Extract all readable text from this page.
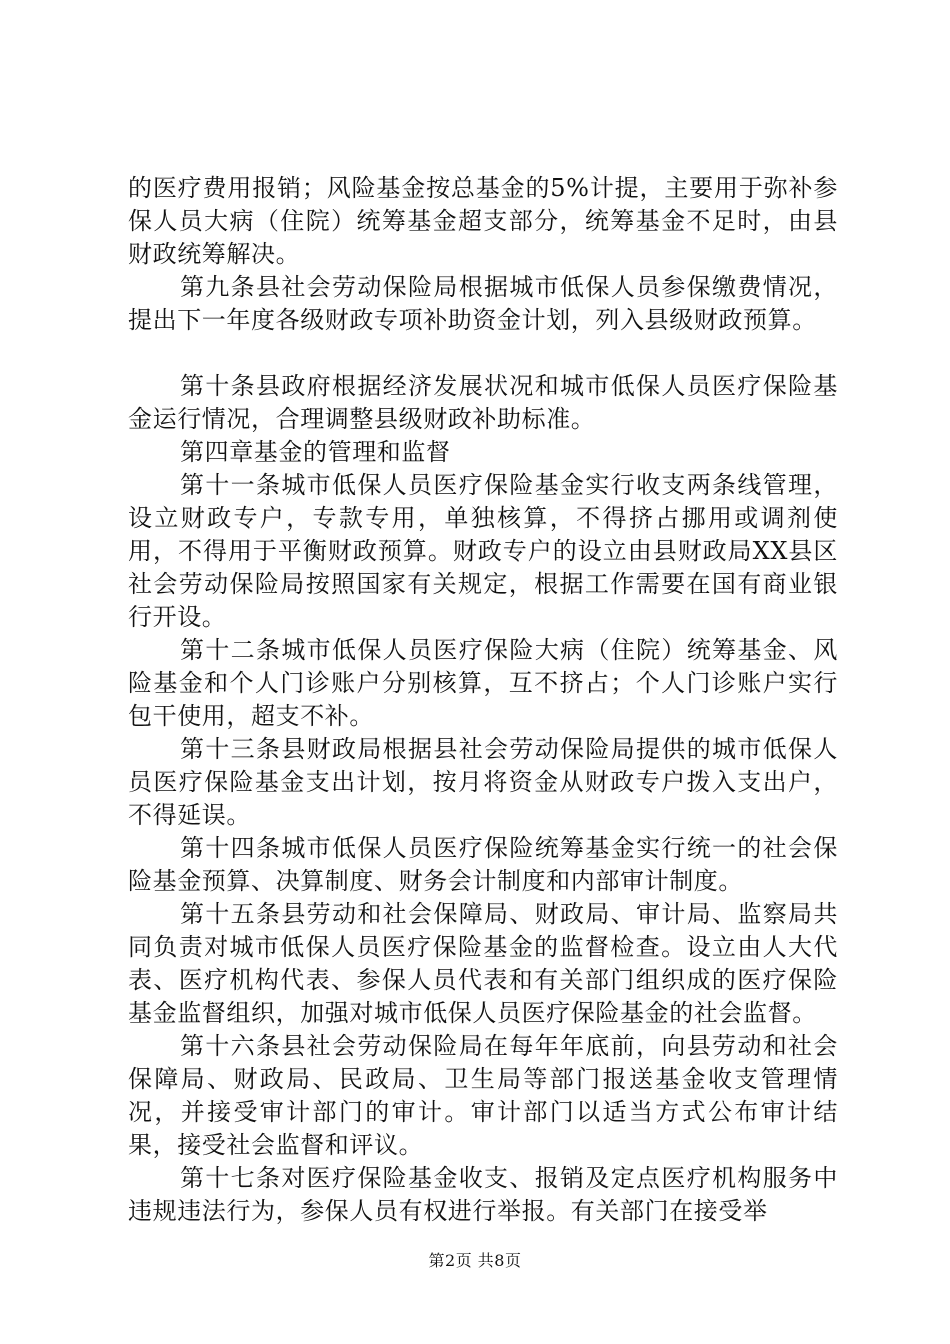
的医疗费用报销；风险基金按总基金的5%计提，主要用于弥补参保人员大病（住院）统筹基金超支部分，统筹基金不足时，由县财政统筹解决。

第九条县社会劳动保险局根据城市低保人员参保缴费情况，提出下一年度各级财政专项补助资金计划，列入县级财政预算。

第十条县政府根据经济发展状况和城市低保人员医疗保险基金运行情况，合理调整县级财政补助标准。

第四章基金的管理和监督

第十一条城市低保人员医疗保险基金实行收支两条线管理，设立财政专户，专款专用，单独核算，不得挤占挪用或调剂使用，不得用于平衡财政预算。财政专户的设立由县财政局XX县区社会劳动保险局按照国家有关规定，根据工作需要在国有商业银行开设。

第十二条城市低保人员医疗保险大病（住院）统筹基金、风险基金和个人门诊账户分别核算，互不挤占；个人门诊账户实行包干使用，超支不补。

第十三条县财政局根据县社会劳动保险局提供的城市低保人员医疗保险基金支出计划，按月将资金从财政专户拨入支出户，不得延误。

第十四条城市低保人员医疗保险统筹基金实行统一的社会保险基金预算、决算制度、财务会计制度和内部审计制度。

第十五条县劳动和社会保障局、财政局、审计局、监察局共同负责对城市低保人员医疗保险基金的监督检查。设立由人大代表、医疗机构代表、参保人员代表和有关部门组织成的医疗保险基金监督组织，加强对城市低保人员医疗保险基金的社会监督。

第十六条县社会劳动保险局在每年年底前，向县劳动和社会保障局、财政局、民政局、卫生局等部门报送基金收支管理情况，并接受审计部门的审计。审计部门以适当方式公布审计结果，接受社会监督和评议。

第十七条对医疗保险基金收支、报销及定点医疗机构服务中违规违法行为，参保人员有权进行举报。有关部门在接受举

第2页 共8页
